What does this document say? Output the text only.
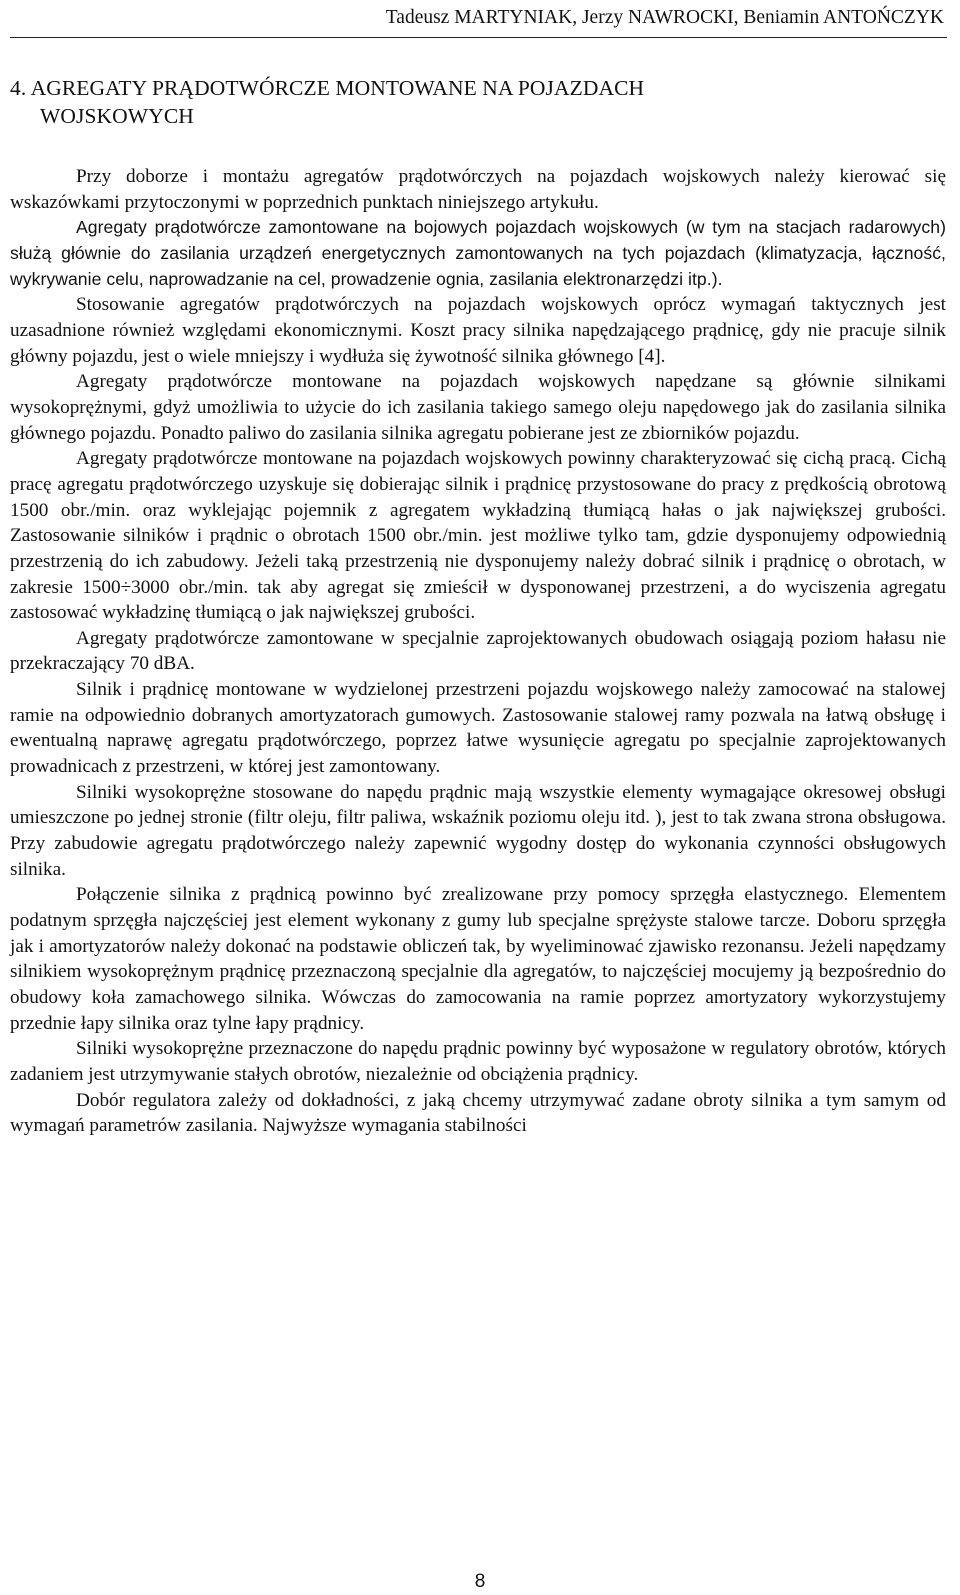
Tadeusz MARTYNIAK, Jerzy NAWROCKI, Beniamin ANTOŃCZYK
4. AGREGATY PRĄDOTWÓRCZE MONTOWANE NA POJAZDACH
WOJSKOWYCH

Przy doborze i montażu agregatów prądotwórczych na pojazdach wojskowych należy kierować się wskazówkami przytoczonymi w poprzednich punktach niniejszego artykułu.

Agregaty prądotwórcze zamontowane na bojowych pojazdach wojskowych (w tym na stacjach radarowych) służą głównie do zasilania urządzeń energetycznych zamontowanych na tych pojazdach (klimatyzacja, łączność, wykrywanie celu, naprowadzanie na cel, prowadzenie ognia, zasilania elektronarzędzi itp.).

Stosowanie agregatów prądotwórczych na pojazdach wojskowych oprócz wymagań taktycznych jest uzasadnione również względami ekonomicznymi. Koszt pracy silnika napędzającego prądnicę, gdy nie pracuje silnik główny pojazdu, jest o wiele mniejszy i wydłuża się żywotność silnika głównego [4].

Agregaty prądotwórcze montowane na pojazdach wojskowych napędzane są głównie silnikami wysokoprężnymi, gdyż umożliwia to użycie do ich zasilania takiego samego oleju napędowego jak do zasilania silnika głównego pojazdu. Ponadto paliwo do zasilania silnika agregatu pobierane jest ze zbiorników pojazdu.

Agregaty prądotwórcze montowane na pojazdach wojskowych powinny charakteryzować się cichą pracą. Cichą pracę agregatu prądotwórczego uzyskuje się dobierając silnik i prądnicę przystosowane do pracy z prędkością obrotową 1500 obr./min. oraz wyklejając pojemnik z agregatem wykładziną tłumiącą hałas o jak największej grubości. Zastosowanie silników i prądnic o obrotach 1500 obr./min. jest możliwe tylko tam, gdzie dysponujemy odpowiednią przestrzenią do ich zabudowy. Jeżeli taką przestrzenią nie dysponujemy należy dobrać silnik i prądnicę o obrotach, w zakresie 1500÷3000 obr./min. tak aby agregat się zmieścił w dysponowanej przestrzeni, a do wyciszenia agregatu zastosować wykładzinę tłumiącą o jak największej grubości.

Agregaty prądotwórcze zamontowane w specjalnie zaprojektowanych obudowach osiągają poziom hałasu nie przekraczający 70 dBA.

Silnik i prądnicę montowane w wydzielonej przestrzeni pojazdu wojskowego należy zamocować na stalowej ramie na odpowiednio dobranych amortyzatorach gumowych. Zastosowanie stalowej ramy pozwala na łatwą obsługę i ewentualną naprawę agregatu prądotwórczego, poprzez łatwe wysunięcie agregatu po specjalnie zaprojektowanych prowadnicach z przestrzeni, w której jest zamontowany.

Silniki wysokoprężne stosowane do napędu prądnic mają wszystkie elementy wymagające okresowej obsługi umieszczone po jednej stronie (filtr oleju, filtr paliwa, wskaźnik poziomu oleju itd. ), jest to tak zwana strona obsługowa. Przy zabudowie agregatu prądotwórczego należy zapewnić wygodny dostęp do wykonania czynności obsługowych silnika.

Połączenie silnika z prądnicą powinno być zrealizowane przy pomocy sprzęgła elastycznego. Elementem podatnym sprzęgła najczęściej jest element wykonany z gumy lub specjalne sprężyste stalowe tarcze. Doboru sprzęgła jak i amortyzatorów należy dokonać na podstawie obliczeń tak, by wyeliminować zjawisko rezonansu. Jeżeli napędzamy silnikiem wysokoprężnym prądnicę przeznaczoną specjalnie dla agregatów, to najczęściej mocujemy ją bezpośrednio do obudowy koła zamachowego silnika. Wówczas do zamocowania na ramie poprzez amortyzatory wykorzystujemy przednie łapy silnika oraz tylne łapy prądnicy.

Silniki wysokoprężne przeznaczone do napędu prądnic powinny być wyposażone w regulatory obrotów, których zadaniem jest utrzymywanie stałych obrotów, niezależnie od obciążenia prądnicy.

Dobór regulatora zależy od dokładności, z jaką chcemy utrzymywać zadane obroty silnika a tym samym od wymagań parametrów zasilania. Najwyższe wymagania stabilności

8
